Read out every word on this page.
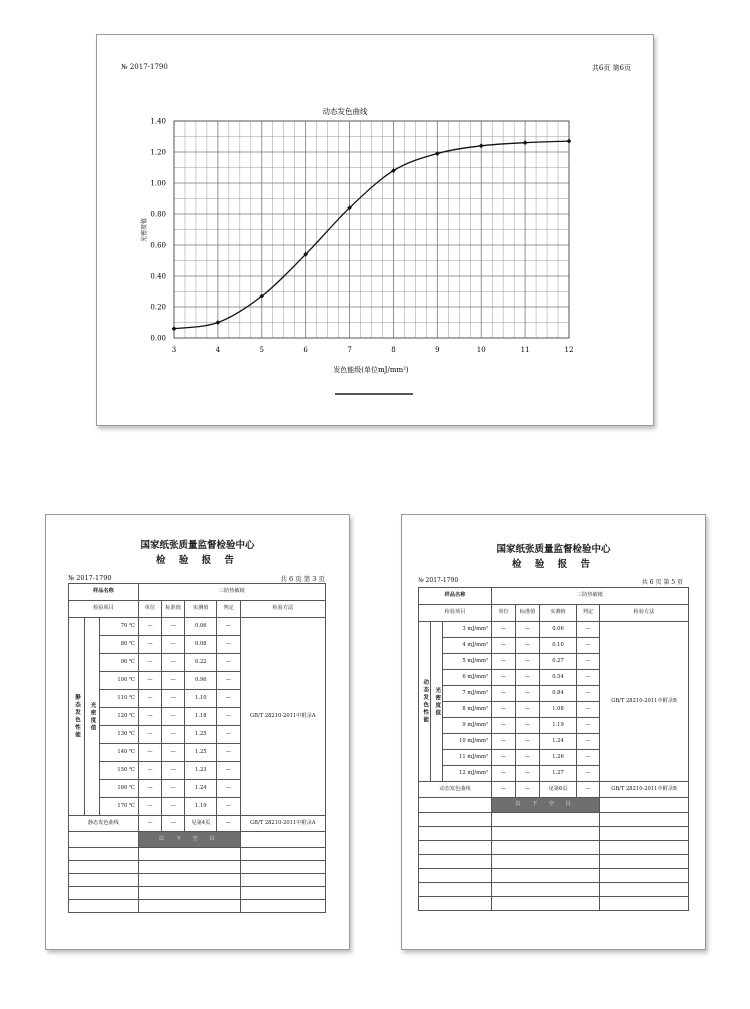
№ 2017-1790	共6页 第6页
3	4	5	6	7	8	9	10	11	12
0.00
0.20
0.40
0.60
0.80
1.00
1.20
1.40
动态发色曲线
发色能级(单位mJ/mm²)
光密度值
国家纸张质量监督检验中心
检 验 报 告
№ 2017-1790	共 6 页 第 3 页
样品名称			三防热敏纸				
检验项目			单位	标准值	实测值	判定	检验方法
静态发色性能	光密度值	70 ℃	—	—	0.06	—	GB/T 28210-2011中附录A
		80 ℃	—	—	0.08	—	
		90 ℃	—	—	0.22	—	
		100 ℃	—	—	0.96	—	
		110 ℃	—	—	1.10	—	
		120 ℃	—	—	1.18	—	
		130 ℃	—	—	1.25	—	
		140 ℃	—	—	1.25	—	
		150 ℃	—	—	1.23	—	
		160 ℃	—	—	1.24	—	
		170 ℃	—	—	1.19	—	
静态发色曲线			—	—	见第4页	—	GB/T 28210-2011中附录A
			以 下 空 白				

国家纸张质量监督检验中心
检 验 报 告
№ 2017-1790	共 6 页 第 5 页
样品名称			三防热敏纸				
检验项目			单位	标准值	实测值	判定	检验方法
动态发色性能	光密度值	3 mJ/mm²	—	—	0.06	—	GB/T 28210-2011中附录B
		4 mJ/mm²	—	—	0.10	—	
		5 mJ/mm²	—	—	0.27	—	
		6 mJ/mm²	—	—	0.54	—	
		7 mJ/mm²	—	—	0.84	—	
		8 mJ/mm²	—	—	1.08	—	
		9 mJ/mm²	—	—	1.19	—	
		10 mJ/mm²	—	—	1.24	—	
		11 mJ/mm²	—	—	1.26	—	
		12 mJ/mm²	—	—	1.27	—	
动态发色曲线			—	—	见第6页	—	GB/T 28210-2011中附录B
			以 下 空 白				
